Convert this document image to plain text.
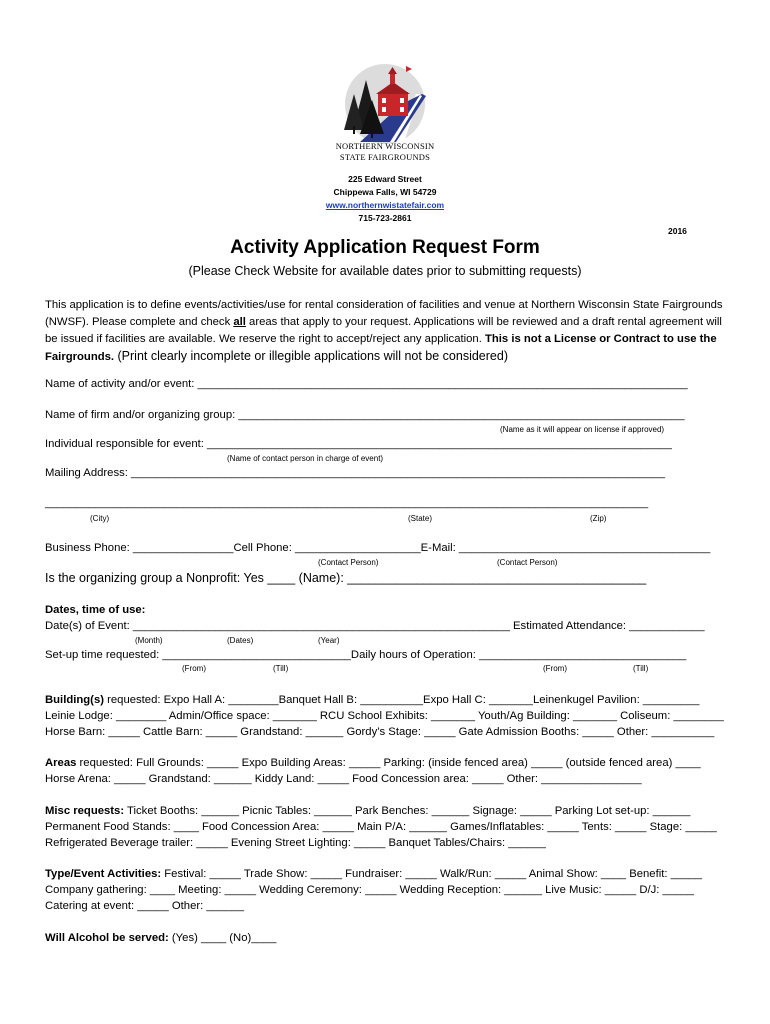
NORTHERN WISCONSIN
STATE FAIRGROUNDS
225 Edward Street
Chippewa Falls, WI 54729
www.northernwistatefair.com
715-723-2861
2016
Activity Application Request Form
(Please Check Website for available dates prior to submitting requests)
This application is to define events/activities/use for rental consideration of facilities and venue at Northern Wisconsin State Fairgrounds (NWSF). Please complete and check all areas that apply to your request. Applications will be reviewed and a draft rental agreement will be issued if facilities are available. We reserve the right to accept/reject any application. This is not a License or Contract to use the Fairgrounds. (Print clearly incomplete or illegible applications will not be considered)
Name of activity and/or event: ______________________________________________________________________________
Name of firm and/or organizing group: _______________________________________________________________________
(Name as it will appear on license if approved)
Individual responsible for event: __________________________________________________________________________
(Name of contact person in charge of event)
Mailing Address: _____________________________________________________________________________________
________________________________________________________________________________________________
(City)	(State)	(Zip)
Business Phone: ________________Cell Phone: ____________________E-Mail: ________________________________________
(Contact Person)	(Contact Person)
Is the organizing group a Nonprofit: Yes ____ (Name): ___________________________________________
Dates, time of use:
Date(s) of Event: ____________________________________________________________ Estimated Attendance: ____________
(Month)	(Dates)	(Year)
Set-up time requested: ______________________________Daily hours of Operation: _________________________________
(From)	(Till)	(From)	(Till)
Building(s) requested: Expo Hall A: ________Banquet Hall B: __________Expo Hall C: _______Leinenkugel Pavilion: _________
Leinie Lodge: ________ Admin/Office space: _______ RCU School Exhibits: _______ Youth/Ag Building: _______ Coliseum: ________
Horse Barn: _____ Cattle Barn: _____ Grandstand: ______ Gordy’s Stage: _____ Gate Admission Booths: _____ Other: __________
Areas requested: Full Grounds: _____ Expo Building Areas: _____ Parking: (inside fenced area) _____ (outside fenced area) ____
Horse Arena: _____ Grandstand: ______ Kiddy Land: _____ Food Concession area: _____ Other: ________________
Misc requests: Ticket Booths: ______ Picnic Tables: ______ Park Benches: ______ Signage: _____ Parking Lot set-up: ______
Permanent Food Stands: ____ Food Concession Area: _____ Main P/A: ______ Games/Inflatables: _____ Tents: _____ Stage: _____
Refrigerated Beverage trailer: _____ Evening Street Lighting: _____ Banquet Tables/Chairs: ______
Type/Event Activities: Festival: _____ Trade Show: _____ Fundraiser: _____ Walk/Run: _____ Animal Show: ____ Benefit: _____
Company gathering: ____ Meeting: _____ Wedding Ceremony: _____ Wedding Reception: ______ Live Music: _____ D/J: _____
Catering at event: _____ Other: ______
Will Alcohol be served: (Yes) ____ (No)____
